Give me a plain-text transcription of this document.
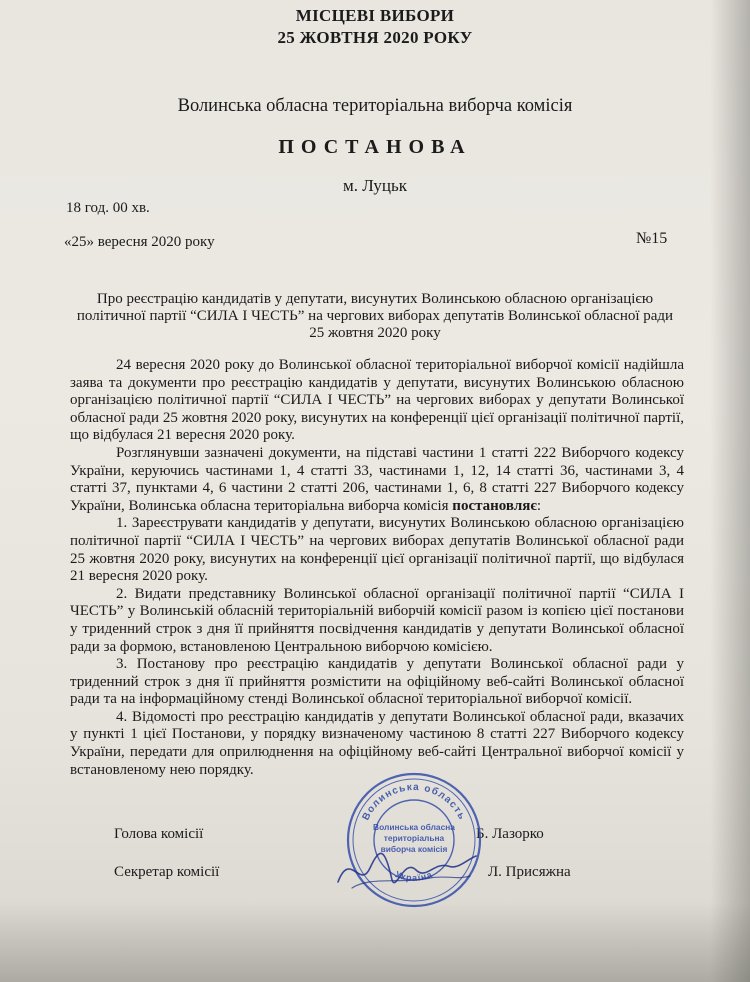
МІСЦЕВІ ВИБОРИ
25 ЖОВТНЯ 2020 РОКУ
Волинська обласна територіальна виборча комісія
ПОСТАНОВА
м. Луцьк
18 год. 00 хв.
«25» вересня 2020 року	№15
Про реєстрацію кандидатів у депутати, висунутих Волинською обласною організацією політичної партії “СИЛА І ЧЕСТЬ” на чергових виборах депутатів Волинської обласної ради 25 жовтня 2020 року

24 вересня 2020 року до Волинської обласної територіальної виборчої комісії надійшла заява та документи про реєстрацію кандидатів у депутати, висунутих Волинською обласною організацією політичної партії “СИЛА І ЧЕСТЬ” на чергових виборах у депутати Волинської обласної ради 25 жовтня 2020 року, висунутих на конференції цієї організації політичної партії, що відбулася 21 вересня 2020 року.

Розглянувши зазначені документи, на підставі частини 1 статті 222 Виборчого кодексу України, керуючись частинами 1, 4 статті 33, частинами 1, 12, 14 статті 36, частинами 3, 4 статті 37, пунктами 4, 6 частини 2 статті 206, частинами 1, 6, 8 статті 227 Виборчого кодексу України, Волинська обласна територіальна виборча комісія постановляє:

1. Зареєструвати кандидатів у депутати, висунутих Волинською обласною організацією політичної партії “СИЛА І ЧЕСТЬ” на чергових виборах депутатів Волинської обласної ради 25 жовтня 2020 року, висунутих на конференції цієї організації політичної партії, що відбулася 21 вересня 2020 року.

2. Видати представнику Волинської обласної організації політичної партії “СИЛА І ЧЕСТЬ” у Волинській обласній територіальній виборчій комісії разом із копією цієї постанови у триденний строк з дня її прийняття посвідчення кандидатів у депутати Волинської обласної ради за формою, встановленою Центральною виборчою комісією.

3. Постанову про реєстрацію кандидатів у депутати Волинської обласної ради у триденний строк з дня її прийняття розмістити на офіційному веб-сайті Волинської обласної ради та на інформаційному стенді Волинської обласної територіальної виборчої комісії.

4. Відомості про реєстрацію кандидатів у депутати Волинської обласної ради, вказачих у пункті 1 цієї Постанови, у порядку визначеному частиною 8 статті 227 Виборчого кодексу України, передати для оприлюднення на офіційному веб-сайті Центральної виборчої комісії у встановленому нею порядку.

Голова комісії	Б. Лазорко
Секретар комісії	Л. Присяжна
Волинська область
Україна
Волинська обласна
територіальна
виборча комісія
